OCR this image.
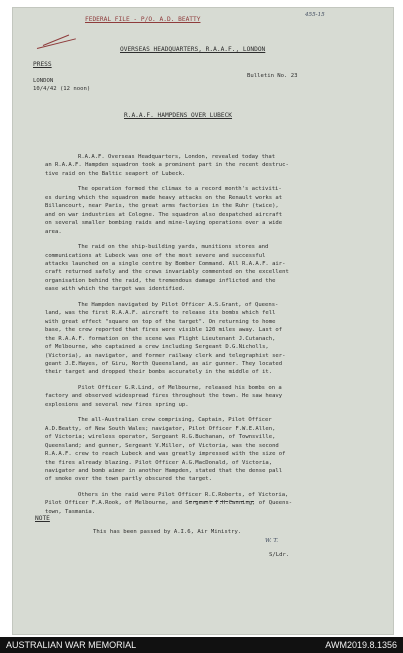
FEDERAL FILE - P/O. A.D. BEATTY
455-15
OVERSEAS HEADQUARTERS, R.A.A.F., LONDON
PRESS
LONDON
10/4/42 (12 noon)
Bulletin No. 23
R.A.A.F. HAMPDENS OVER LUBECK
R.A.A.F. Overseas Headquarters, London, revealed today that
an R.A.A.F. Hampden squadron took a prominent part in the recent destruc-
tive raid on the Baltic seaport of Lubeck.
The operation formed the climax to a record month's activiti-
es during which the squadron made heavy attacks on the Renault works at
Billancourt, near Paris, the great arms factories in the Ruhr (twice),
and on war industries at Cologne. The squadron also despatched aircraft
on several smaller bombing raids and mine-laying operations over a wide
area.
The raid on the ship-building yards, munitions stores and
communications at Lubeck was one of the most severe and successful
attacks launched on a single centre by Bomber Command. All R.A.A.F. air-
craft returned safely and the crews invariably commented on the excellent
organisation behind the raid, the tremendous damage inflicted and the
ease with which the target was identified.
The Hampden navigated by Pilot Officer A.S.Grant, of Queens-
land, was the first R.A.A.F. aircraft to release its bombs which fell
with great effect "square on top of the target". On returning to home
base, the crew reported that fires were visible 120 miles away. Last of
the R.A.A.F. formation on the scene was Flight Lieutenant J.Cutanach,
of Melbourne, who captained a crew including Sergeant D.G.Nicholls,
(Victoria), as navigator, and former railway clerk and telegraphist ser-
geant J.E.Hayes, of Giru, North Queensland, as air gunner. They located
their target and dropped their bombs accurately in the middle of it.
Pilot Officer G.R.Lind, of Melbourne, released his bombs on a
factory and observed widespread fires throughout the town. He saw heavy
explosions and several new fires spring up.
The all-Australian crew comprising, Captain, Pilot Officer
A.D.Beatty, of New South Wales; navigator, Pilot Officer F.W.E.Allen,
of Victoria; wireless operator, Sergeant R.G.Buchanan, of Townsville,
Queensland; and gunner, Sergeant V.Miller, of Victoria, was the second
R.A.A.F. crew to reach Lubeck and was greatly impressed with the size of
the fires already blazing. Pilot Officer A.G.MacDonald, of Victoria,
navigator and bomb aimer in another Hampden, stated that the dense pall
of smoke over the town partly obscured the target.
Others in the raid were Pilot Officer R.C.Roberts, of Victoria,
Pilot Officer F.A.Rook, of Melbourne, and Sergeant F.H.Canning, of Queens-
town, Tasmania.
NOTE
This has been passed by A.I.6, Air Ministry.
W. T.
S/Ldr.
AUSTRALIAN WAR MEMORIAL	AWM2019.8.1356
